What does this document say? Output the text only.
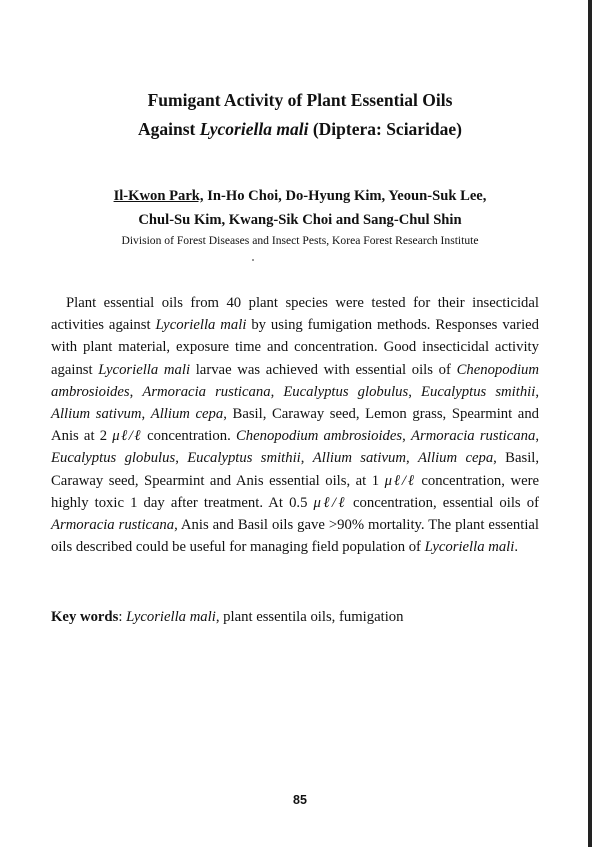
Fumigant Activity of Plant Essential Oils
Against Lycoriella mali (Diptera: Sciaridae)
Il-Kwon Park, In-Ho Choi, Do-Hyung Kim, Yeoun-Suk Lee,
Chul-Su Kim, Kwang-Sik Choi and Sang-Chul Shin
Division of Forest Diseases and Insect Pests, Korea Forest Research Institute

Plant essential oils from 40 plant species were tested for their insecticidal activities against Lycoriella mali by using fumigation methods. Responses varied with plant material, exposure time and concentration. Good insecticidal activity against Lycoriella mali larvae was achieved with essential oils of Chenopodium ambrosioides, Armoracia rusticana, Eucalyptus globulus, Eucalyptus smithii, Allium sativum, Allium cepa, Basil, Caraway seed, Lemon grass, Spearmint and Anis at 2 μℓ/ℓ concentration. Chenopodium ambrosioides, Armoracia rusticana, Eucalyptus globulus, Eucalyptus smithii, Allium sativum, Allium cepa, Basil, Caraway seed, Spearmint and Anis essential oils, at 1 μℓ/ℓ concentration, were highly toxic 1 day after treatment. At 0.5 μℓ/ℓ concentration, essential oils of Armoracia rusticana, Anis and Basil oils gave >90% mortality. The plant essential oils described could be useful for managing field population of Lycoriella mali.

Key words: Lycoriella mali, plant essentila oils, fumigation
85
